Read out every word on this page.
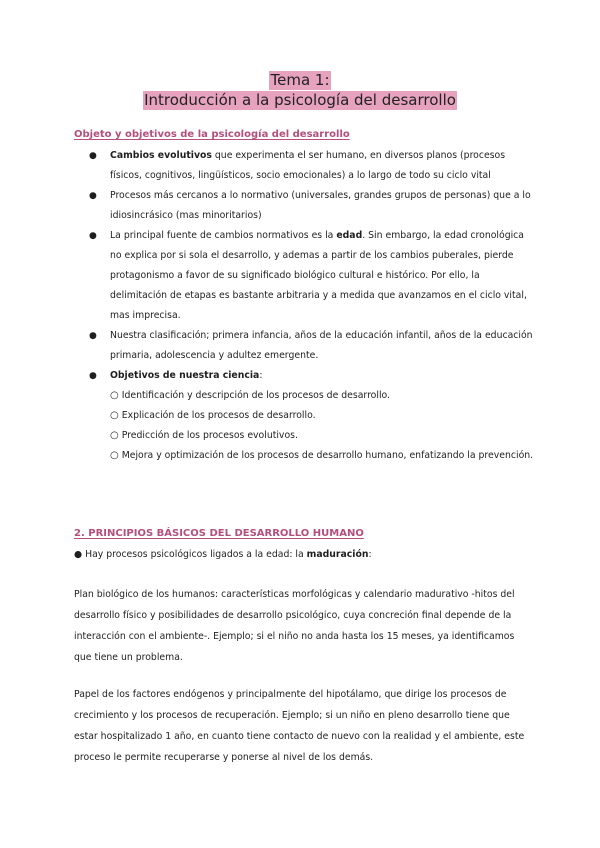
Tema 1:
Introducción a la psicología del desarrollo
Objeto y objetivos de la psicología del desarrollo
● Cambios evolutivos que experimenta el ser humano, en diversos planos (procesos físicos, cognitivos, lingüísticos, socio emocionales) a lo largo de todo su ciclo vital
● Procesos más cercanos a lo normativo (universales, grandes grupos de personas) que a lo idiosincrásico (mas minoritarios)
● La principal fuente de cambios normativos es la edad. Sin embargo, la edad cronológica no explica por si sola el desarrollo, y ademas a partir de los cambios puberales, pierde protagonismo a favor de su significado biológico cultural e histórico. Por ello, la delimitación de etapas es bastante arbitraria y a medida que avanzamos en el ciclo vital, mas imprecisa.
● Nuestra clasificación; primera infancia, años de la educación infantil, años de la educación primaria, adolescencia y adultez emergente.
● Objetivos de nuestra ciencia:
○ Identificación y descripción de los procesos de desarrollo.
○ Explicación de los procesos de desarrollo.
○ Predicción de los procesos evolutivos.
○ Mejora y optimización de los procesos de desarrollo humano, enfatizando la prevención.
2. PRINCIPIOS BÁSICOS DEL DESARROLLO HUMANO
● Hay procesos psicológicos ligados a la edad: la maduración:
Plan biológico de los humanos: características morfológicas y calendario madurativo -hitos del desarrollo físico y posibilidades de desarrollo psicológico, cuya concreción final depende de la interacción con el ambiente-. Ejemplo; si el niño no anda hasta los 15 meses, ya identificamos que tiene un problema.
Papel de los factores endógenos y principalmente del hipotálamo, que dirige los procesos de crecimiento y los procesos de recuperación. Ejemplo; si un niño en pleno desarrollo tiene que estar hospitalizado 1 año, en cuanto tiene contacto de nuevo con la realidad y el ambiente, este proceso le permite recuperarse y ponerse al nivel de los demás.
